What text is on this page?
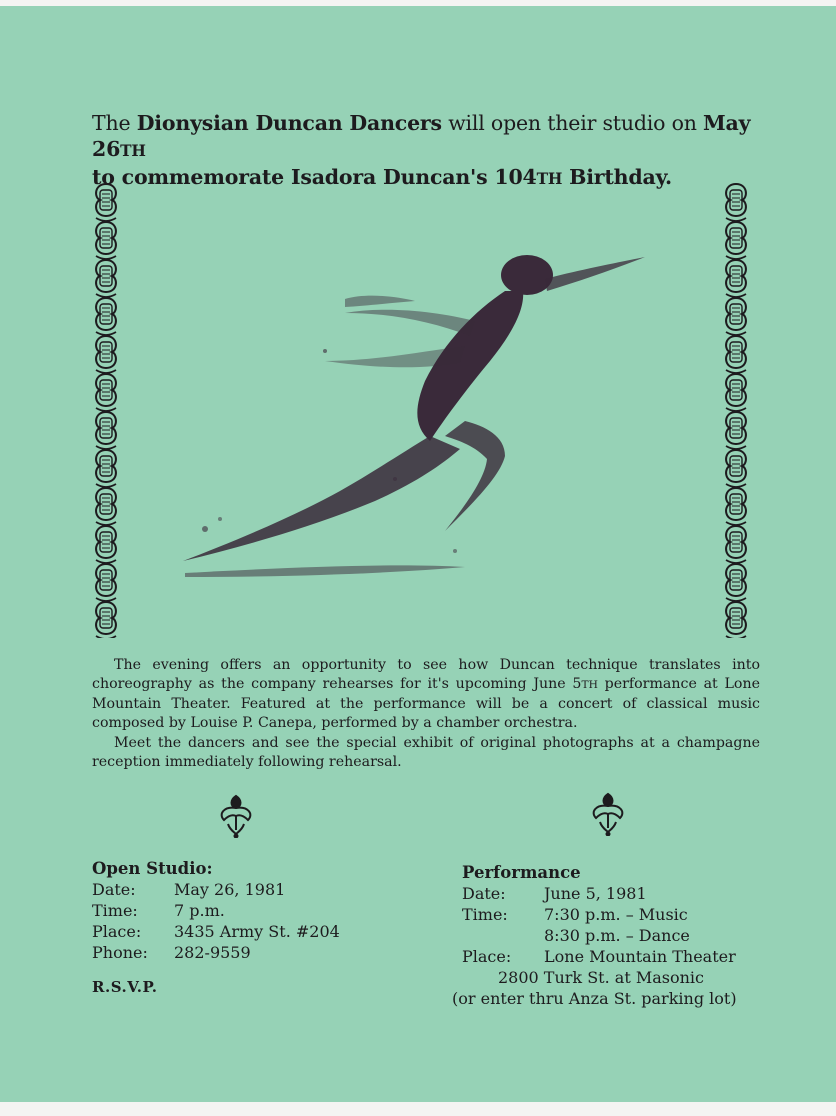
The Dionysian Duncan Dancers will open their studio on May 26TH
to commemorate Isadora Duncan's 104TH Birthday.

The evening offers an opportunity to see how Duncan technique translates into choreography as the company rehearses for it's upcoming June 5TH performance at Lone Mountain Theater. Featured at the performance will be a concert of classical music composed by Louise P. Canepa, performed by a chamber orchestra.

Meet the dancers and see the special exhibit of original photographs at a champagne reception immediately following rehearsal.

Open Studio:
Date:	May 26, 1981
Time:	7 p.m.
Place:	3435 Army St. #204
Phone:	282-9559
R.S.V.P.
Performance
Date:	June 5, 1981
Time:	7:30 p.m. – Music
8:30 p.m. – Dance
Place:	Lone Mountain Theater
2800 Turk St. at Masonic
(or enter thru Anza St. parking lot)
